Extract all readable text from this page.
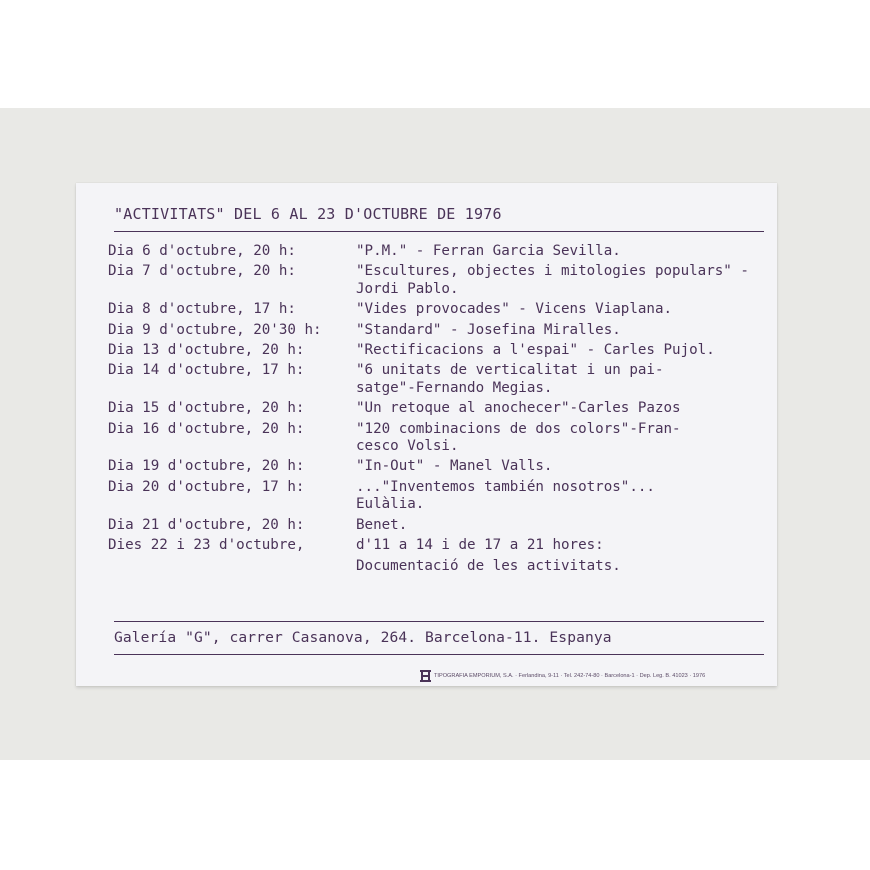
"ACTIVITATS" DEL 6 AL 23 D'OCTUBRE DE 1976
Dia 6 d'octubre, 20 h:	"P.M." - Ferran Garcia Sevilla.
Dia 7 d'octubre, 20 h:	"Escultures, objectes i mitologies populars" - Jordi Pablo.
Dia 8 d'octubre, 17 h:	"Vides provocades" - Vicens Viaplana.
Dia 9 d'octubre, 20'30 h:	"Standard" - Josefina Miralles.
Dia 13 d'octubre, 20 h:	"Rectificacions a l'espai" - Carles Pujol.
Dia 14 d'octubre, 17 h:	"6 unitats de verticalitat i un pai-
satge"-Fernando Megias.
Dia 15 d'octubre, 20 h:	"Un retoque al anochecer"-Carles Pazos
Dia 16 d'octubre, 20 h:	"120 combinacions de dos colors"-Fran-
cesco Volsi.
Dia 19 d'octubre, 20 h:	"In-Out" - Manel Valls.
Dia 20 d'octubre, 17 h:	..."Inventemos también nosotros"...
Eulàlia.
Dia 21 d'octubre, 20 h:	Benet.
Dies 22 i 23 d'octubre,	d'11 a 14 i de 17 a 21 hores:
Documentació de les activitats.
Galería "G", carrer Casanova, 264. Barcelona-11. Espanya
TIPOGRAFIA EMPORIUM, S.A. · Ferlandina, 9-11 · Tel. 242-74-80 · Barcelona-1 · Dep. Leg. B. 41023 · 1976
